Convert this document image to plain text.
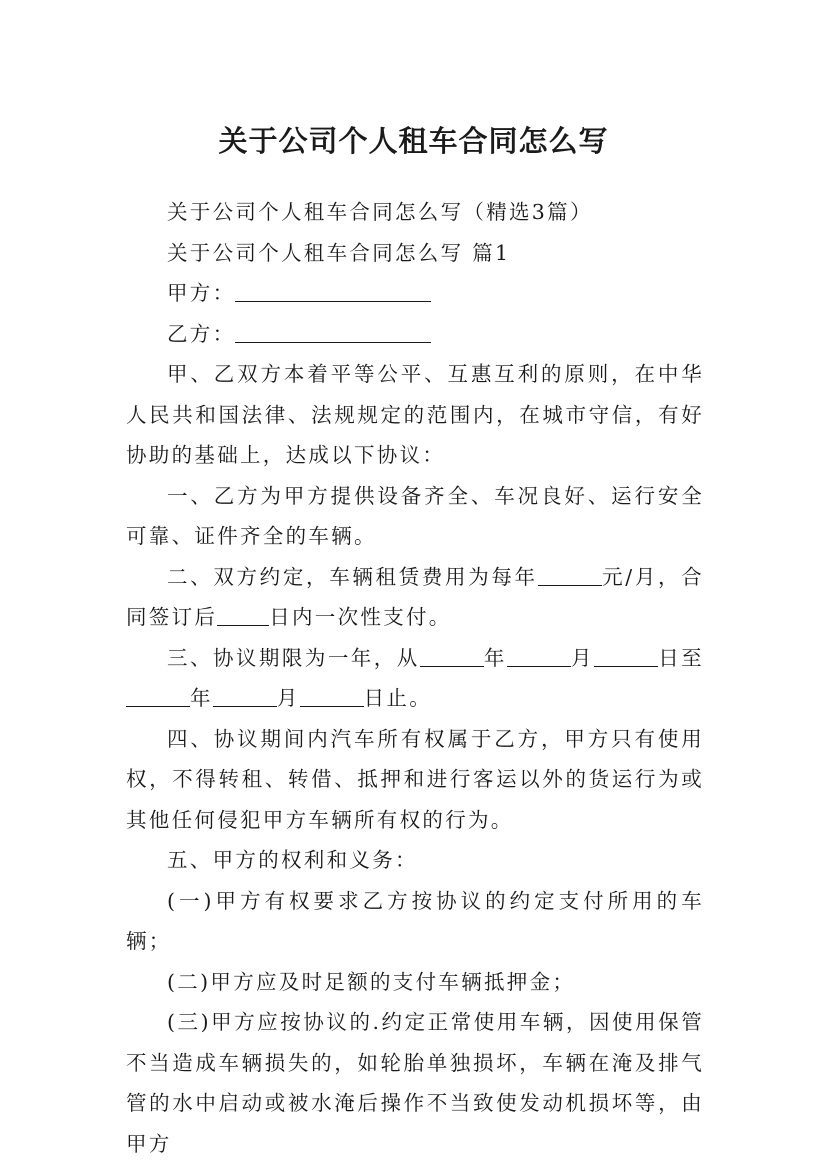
关于公司个人租车合同怎么写

关于公司个人租车合同怎么写（精选3篇）

关于公司个人租车合同怎么写 篇1

甲方：

乙方：

甲、乙双方本着平等公平、互惠互利的原则，在中华人民共和国法律、法规规定的范围内，在城市守信，有好协助的基础上，达成以下协议：

一、乙方为甲方提供设备齐全、车况良好、运行安全可靠、证件齐全的车辆。

二、双方约定，车辆租赁费用为每年	元/月，合同签订后	日内一次性支付。

三、协议期限为一年，从	年	月	日至年	月	日止。

四、协议期间内汽车所有权属于乙方，甲方只有使用权，不得转租、转借、抵押和进行客运以外的货运行为或其他任何侵犯甲方车辆所有权的行为。

五、甲方的权利和义务：

(一)甲方有权要求乙方按协议的约定支付所用的车辆；

(二)甲方应及时足额的支付车辆抵押金；

(三)甲方应按协议的.约定正常使用车辆，因使用保管不当造成车辆损失的，如轮胎单独损坏，车辆在淹及排气管的水中启动或被水淹后操作不当致使发动机损坏等，由甲方
